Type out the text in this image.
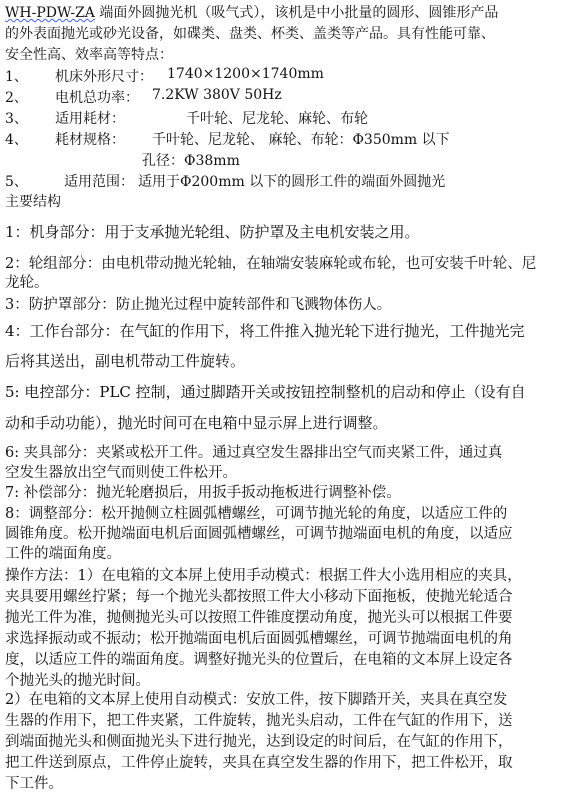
WH-PDW-ZA 端面外圆抛光机（吸气式），该机是中小批量的圆形、圆锥形产品
的外表面抛光或砂光设备，如碟类、盘类、杯类、盖类等产品。具有性能可靠、
安全性高、效率高等特点：
1、 机床外形尺寸： 1740×1200×1740mm
2、 电机总功率： 7.2KW 380V 50Hz
3、 适用耗材：	千叶轮、尼龙轮、麻轮、布轮
4、 耗材规格： 千叶轮、尼龙轮、 麻轮、布轮：Φ350mm 以下
孔径：Φ38mm
5、	适用范围： 适用于Φ200mm 以下的圆形工件的端面外圆抛光
主要结构
1：机身部分：用于支承抛光轮组、防护罩及主电机安装之用。
2：轮组部分：由电机带动抛光轮轴，在轴端安装麻轮或布轮，也可安装千叶轮、尼
龙轮。
3：防护罩部分：防止抛光过程中旋转部件和飞溅物体伤人。
4：工作台部分：在气缸的作用下，将工件推入抛光轮下进行抛光，工件抛光完
后将其送出，副电机带动工件旋转。
5: 电控部分：PLC 控制，通过脚踏开关或按钮控制整机的启动和停止（设有自
动和手动功能），抛光时间可在电箱中显示屏上进行调整。
6: 夹具部分：夹紧或松开工件。通过真空发生器排出空气而夹紧工件，通过真
空发生器放出空气而则使工件松开。
7: 补偿部分：抛光轮磨损后，用扳手扳动拖板进行调整补偿。
8：调整部分：松开抛侧立柱圆弧槽螺丝，可调节抛光轮的角度，以适应工件的
圆锥角度。松开抛端面电机后面圆弧槽螺丝，可调节抛端面电机的角度，以适应
工件的端面角度。
操作方法：1）在电箱的文本屏上使用手动模式：根据工件大小选用相应的夹具，
夹具要用螺丝拧紧；每一个抛光头都按照工件大小移动下面拖板，使抛光轮适合
抛光工件为准，抛侧抛光头可以按照工件锥度摆动角度，抛光头可以根据工件要
求选择振动或不振动；松开抛端面电机后面圆弧槽螺丝，可调节抛端面电机的角
度，以适应工件的端面角度。调整好抛光头的位置后，在电箱的文本屏上设定各
个抛光头的抛光时间。
2）在电箱的文本屏上使用自动模式：安放工件，按下脚踏开关，夹具在真空发
生器的作用下，把工件夹紧，工件旋转，抛光头启动，工件在气缸的作用下，送
到端面抛光头和侧面抛光头下进行抛光，达到设定的时间后，在气缸的作用下，
把工件送到原点，工件停止旋转，夹具在真空发生器的作用下，把工件松开，取
下工件。
